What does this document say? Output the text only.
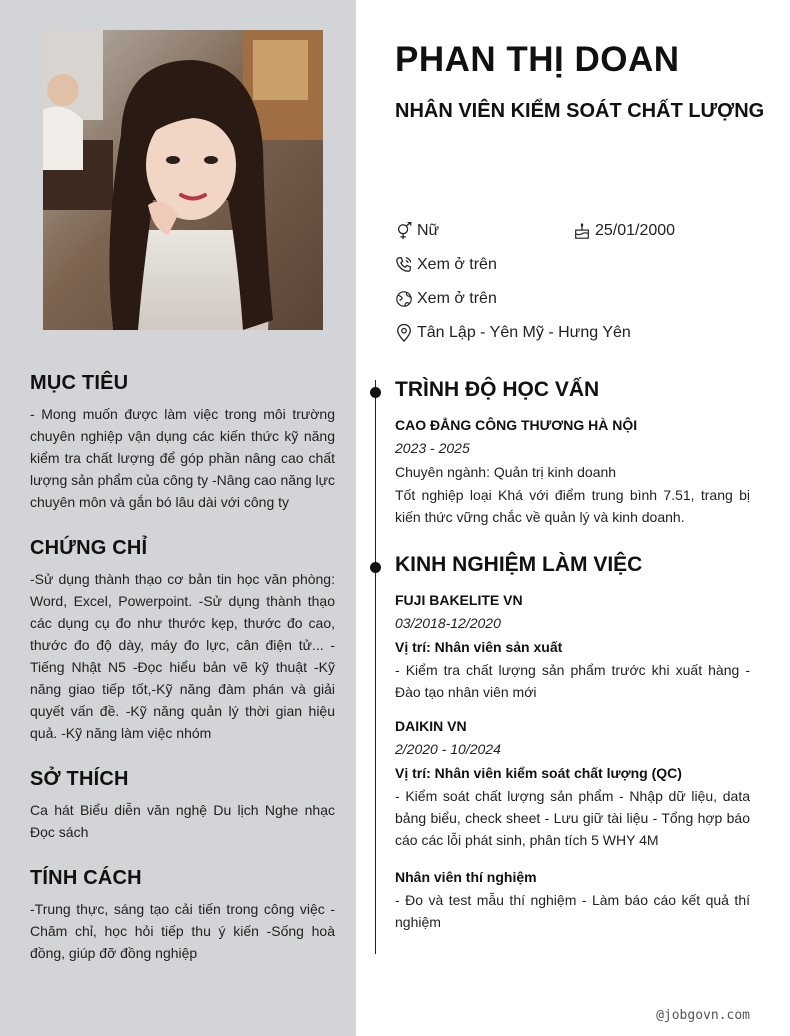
MỤC TIÊU

- Mong muốn được làm việc trong môi trường chuyên nghiệp vận dụng các kiến thức kỹ năng kiểm tra chất lượng để góp phần nâng cao chất lượng sản phẩm của công ty -Nâng cao năng lực chuyên môn và gắn bó lâu dài với công ty

CHỨNG CHỈ

-Sử dụng thành thạo cơ bản tin học văn phòng: Word, Excel, Powerpoint. -Sử dụng thành thạo các dụng cụ đo như thước kẹp, thước đo cao, thước đo độ dày, máy đo lực, cân điện tử... -Tiếng Nhật N5 -Đọc hiểu bản vẽ kỹ thuật -Kỹ năng giao tiếp tốt,-Kỹ năng đàm phán và giải quyết vấn đề. -Kỹ năng quản lý thời gian hiệu quả. -Kỹ năng làm việc nhóm

SỞ THÍCH

Ca hát Biểu diễn văn nghệ Du lịch Nghe nhạc Đọc sách

TÍNH CÁCH

-Trung thực, sáng tạo cải tiến trong công việc -Chăm chỉ, học hỏi tiếp thu ý kiến -Sống hoà đồng, giúp đỡ đồng nghiệp

PHAN THỊ DOAN
NHÂN VIÊN KIỂM SOÁT CHẤT LƯỢNG
Nữ	25/01/2000
Xem ở trên
Xem ở trên
Tân Lập - Yên Mỹ - Hưng Yên
TRÌNH ĐỘ HỌC VẤN
CAO ĐẲNG CÔNG THƯƠNG HÀ NỘI
2023 - 2025
Chuyên ngành: Quản trị kinh doanh

Tốt nghiệp loại Khá với điểm trung bình 7.51, trang bị kiến thức vững chắc về quản lý và kinh doanh.

KINH NGHIỆM LÀM VIỆC
FUJI BAKELITE VN
03/2018-12/2020
Vị trí: Nhân viên sản xuất

- Kiểm tra chất lượng sản phẩm trước khi xuất hàng - Đào tạo nhân viên mới

DAIKIN VN
2/2020 - 10/2024
Vị trí: Nhân viên kiểm soát chất lượng (QC)

- Kiểm soát chất lượng sản phẩm - Nhập dữ liệu, data bảng biểu, check sheet - Lưu giữ tài liệu - Tổng hợp báo cáo các lỗi phát sinh, phân tích 5 WHY 4M

Nhân viên thí nghiệm

- Đo và test mẫu thí nghiệm - Làm báo cáo kết quả thí nghiệm

@jobgovn.com
